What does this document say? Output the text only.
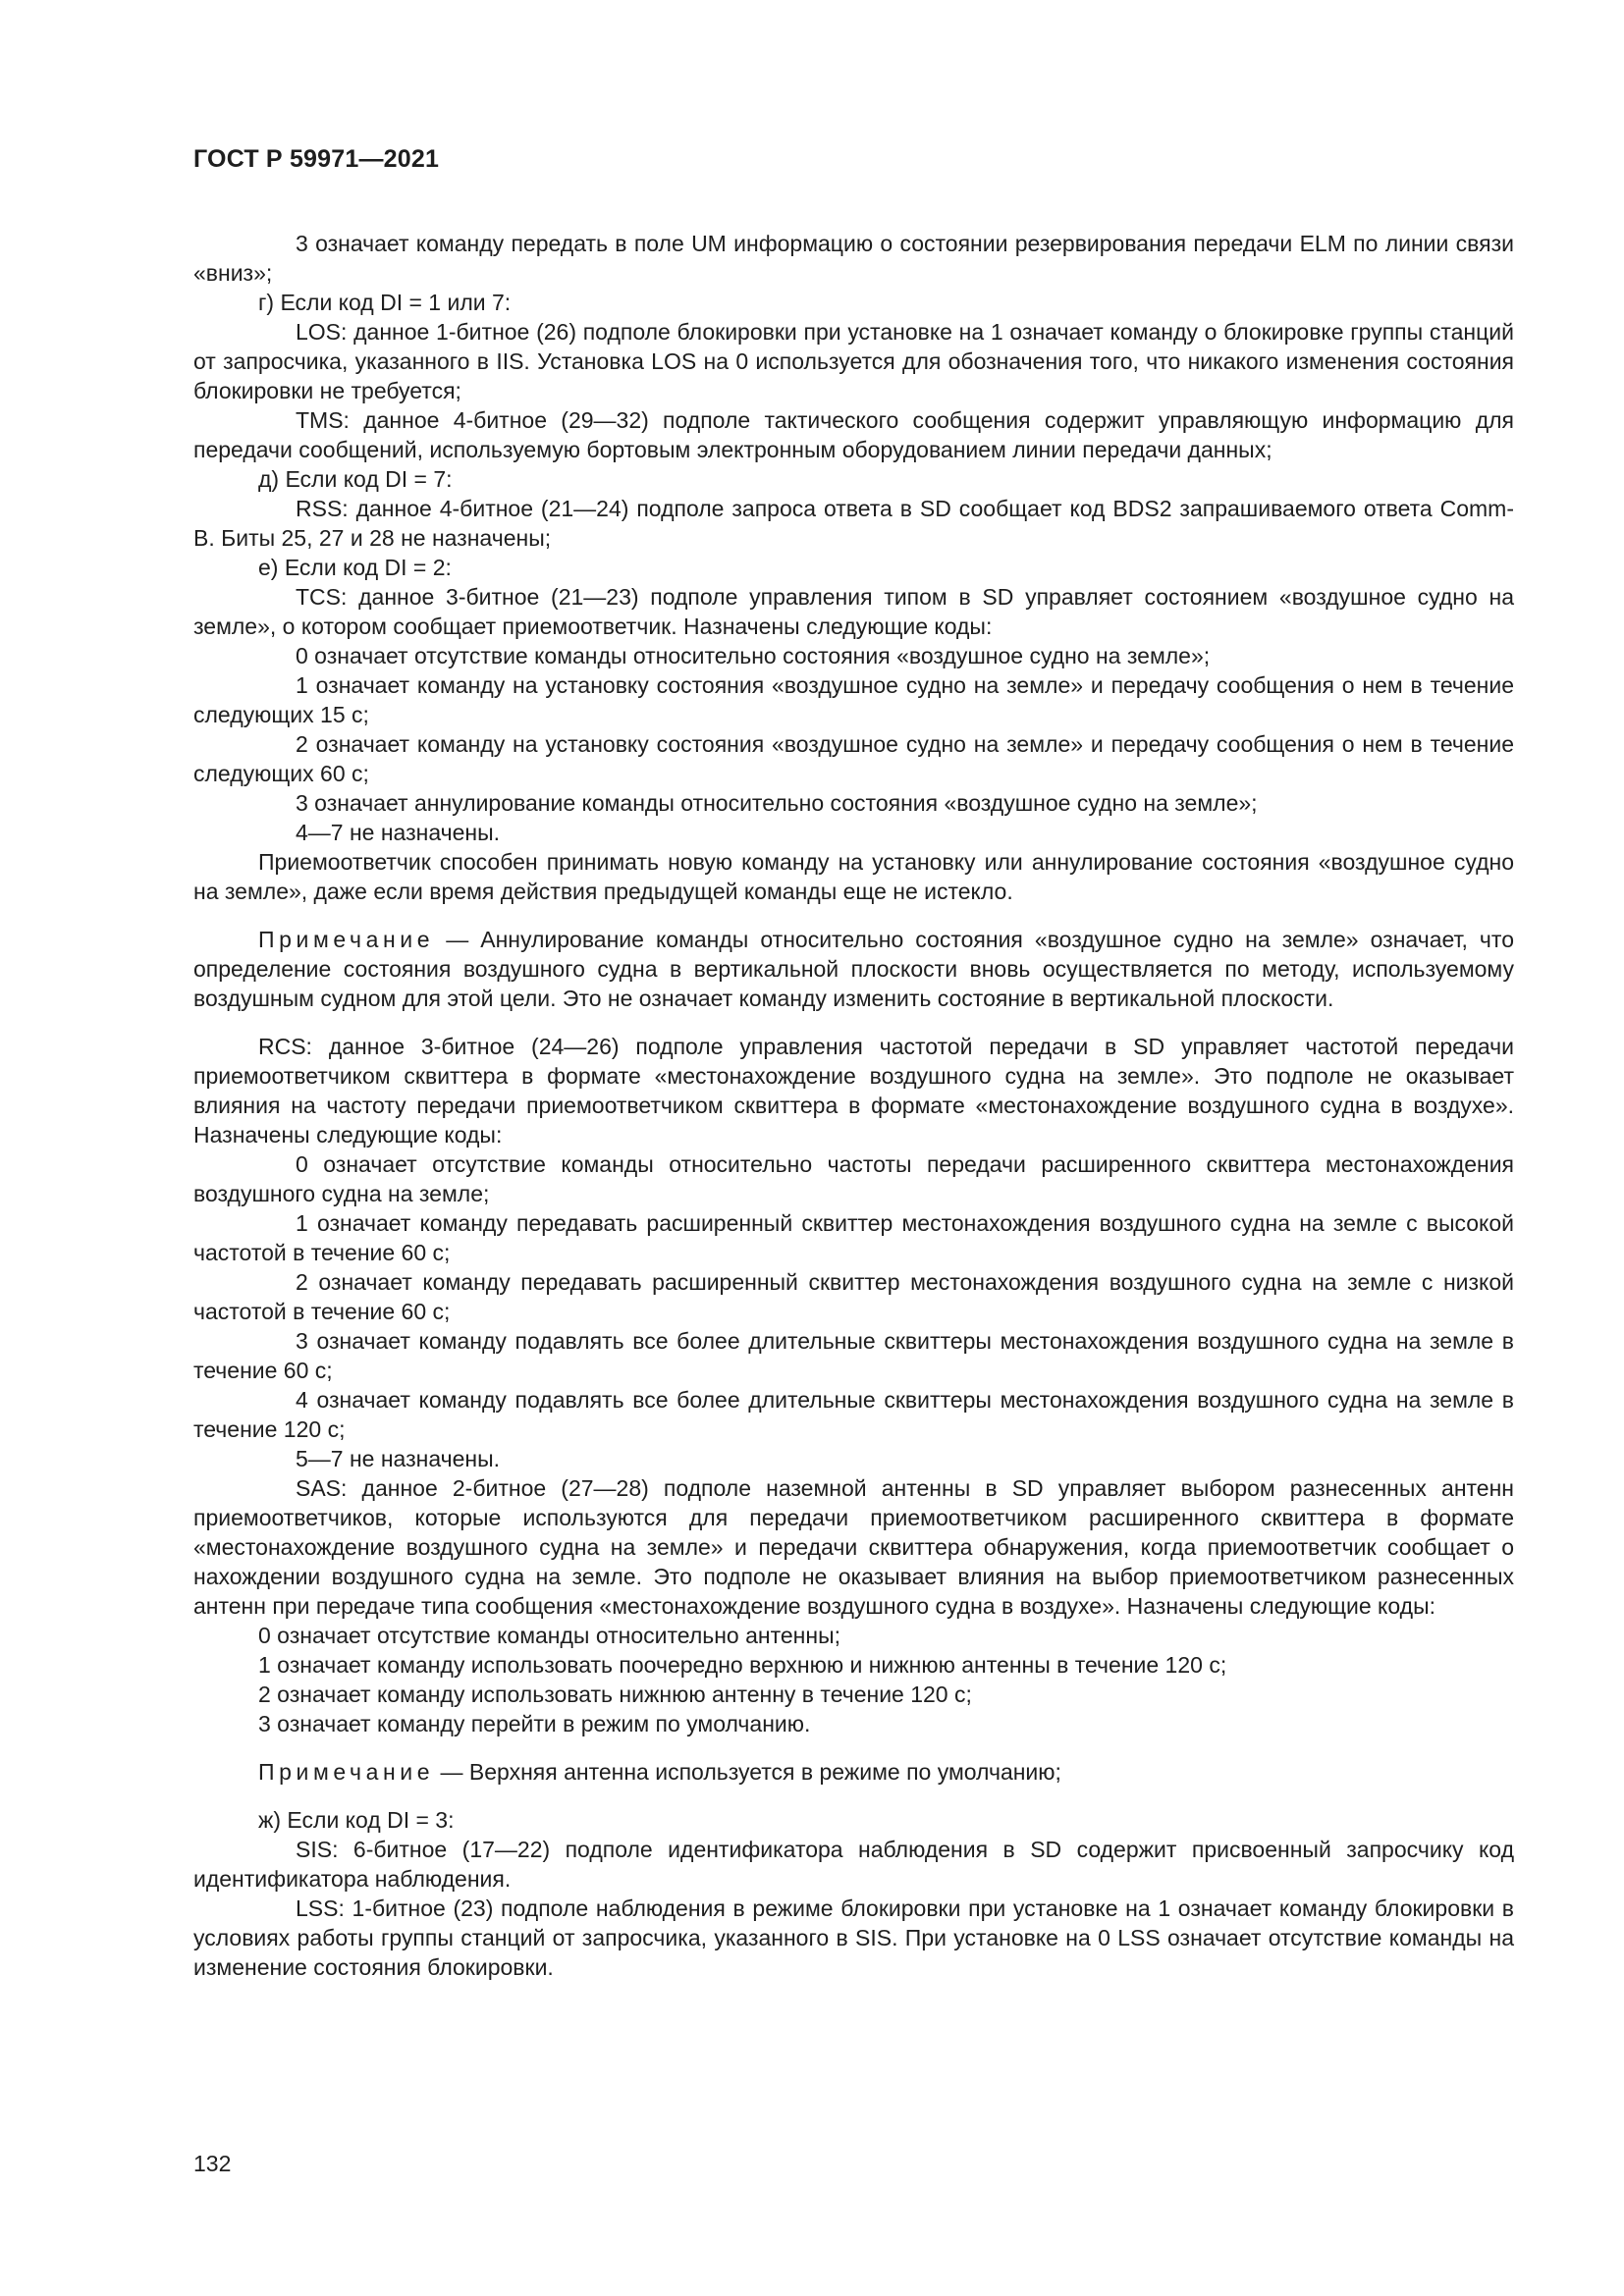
ГОСТ Р 59971—2021

3 означает команду передать в поле UM информацию о состоянии резервирования передачи ELM по линии связи «вниз»;

г) Если код DI = 1 или 7:

LOS: данное 1-битное (26) подполе блокировки при установке на 1 означает команду о блокировке группы станций от запросчика, указанного в IIS. Установка LOS на 0 используется для обозначения того, что никакого изменения состояния блокировки не требуется;

TMS: данное 4-битное (29—32) подполе тактического сообщения содержит управляющую информацию для передачи сообщений, используемую бортовым электронным оборудованием линии передачи данных;

д) Если код DI = 7:

RSS: данное 4-битное (21—24) подполе запроса ответа в SD сообщает код BDS2 запрашиваемого ответа Comm-B. Биты 25, 27 и 28 не назначены;

е) Если код DI = 2:

TCS: данное 3-битное (21—23) подполе управления типом в SD управляет состоянием «воздушное судно на земле», о котором сообщает приемоответчик. Назначены следующие коды:

0 означает отсутствие команды относительно состояния «воздушное судно на земле»;

1 означает команду на установку состояния «воздушное судно на земле» и передачу сообщения о нем в течение следующих 15 с;

2 означает команду на установку состояния «воздушное судно на земле» и передачу сообщения о нем в течение следующих 60 с;

3 означает аннулирование команды относительно состояния «воздушное судно на земле»;

4—7 не назначены.

Приемоответчик способен принимать новую команду на установку или аннулирование состояния «воздушное судно на земле», даже если время действия предыдущей команды еще не истекло.

Примечание — Аннулирование команды относительно состояния «воздушное судно на земле» означает, что определение состояния воздушного судна в вертикальной плоскости вновь осуществляется по методу, используемому воздушным судном для этой цели. Это не означает команду изменить состояние в вертикальной плоскости.

RCS: данное 3-битное (24—26) подполе управления частотой передачи в SD управляет частотой передачи приемоответчиком сквиттера в формате «местонахождение воздушного судна на земле». Это подполе не оказывает влияния на частоту передачи приемоответчиком сквиттера в формате «местонахождение воздушного судна в воздухе». Назначены следующие коды:

0 означает отсутствие команды относительно частоты передачи расширенного сквиттера местонахождения воздушного судна на земле;

1 означает команду передавать расширенный сквиттер местонахождения воздушного судна на земле с высокой частотой в течение 60 с;

2 означает команду передавать расширенный сквиттер местонахождения воздушного судна на земле с низкой частотой в течение 60 с;

3 означает команду подавлять все более длительные сквиттеры местонахождения воздушного судна на земле в течение 60 с;

4 означает команду подавлять все более длительные сквиттеры местонахождения воздушного судна на земле в течение 120 с;

5—7 не назначены.

SAS: данное 2-битное (27—28) подполе наземной антенны в SD управляет выбором разнесенных антенн приемоответчиков, которые используются для передачи приемоответчиком расширенного сквиттера в формате «местонахождение воздушного судна на земле» и передачи сквиттера обнаружения, когда приемоответчик сообщает о нахождении воздушного судна на земле. Это подполе не оказывает влияния на выбор приемоответчиком разнесенных антенн при передаче типа сообщения «местонахождение воздушного судна в воздухе». Назначены следующие коды:

0 означает отсутствие команды относительно антенны;

1 означает команду использовать поочередно верхнюю и нижнюю антенны в течение 120 с;

2 означает команду использовать нижнюю антенну в течение 120 с;

3 означает команду перейти в режим по умолчанию.

Примечание — Верхняя антенна используется в режиме по умолчанию;

ж) Если код DI = 3:

SIS: 6-битное (17—22) подполе идентификатора наблюдения в SD содержит присвоенный запросчику код идентификатора наблюдения.

LSS: 1-битное (23) подполе наблюдения в режиме блокировки при установке на 1 означает команду блокировки в условиях работы группы станций от запросчика, указанного в SIS. При установке на 0 LSS означает отсутствие команды на изменение состояния блокировки.

132
